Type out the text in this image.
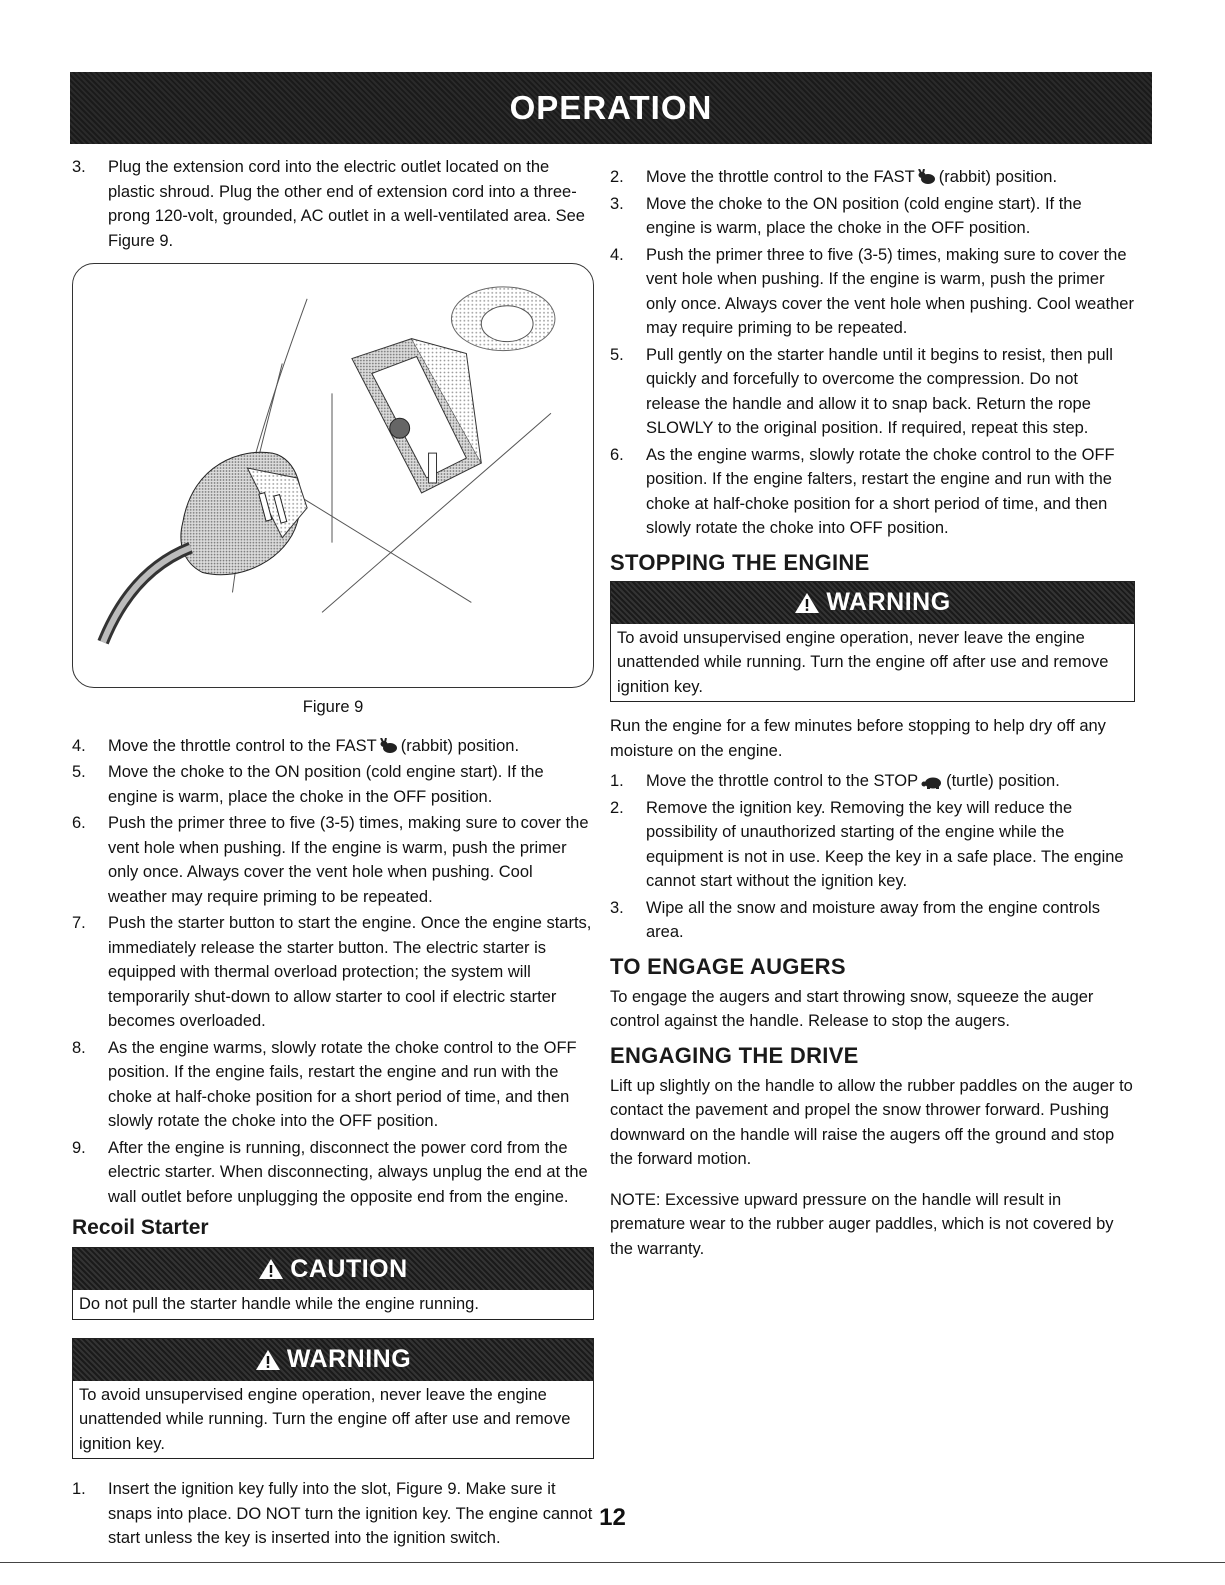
OPERATION
3.	Plug the extension cord into the electric outlet located on the plastic shroud. Plug the other end of extension cord into a three-prong 120-volt, grounded, AC outlet in a well-ventilated area. See Figure 9.
Figure 9
4.	Move the throttle control to the FAST (rabbit) position.
5.	Move the choke to the ON position (cold engine start). If the engine is warm, place the choke in the OFF position.
6.	Push the primer three to five (3-5) times, making sure to cover the vent hole when pushing. If the engine is warm, push the primer only once. Always cover the vent hole when pushing. Cool weather may require priming to be repeated.
7.	Push the starter button to start the engine. Once the engine starts, immediately release the starter button. The electric starter is equipped with thermal overload protection; the system will temporarily shut-down to allow starter to cool if electric starter becomes overloaded.
8.	As the engine warms, slowly rotate the choke control to the OFF position. If the engine fails, restart the engine and run with the choke at half-choke position for a short period of time, and then slowly rotate the choke into the OFF position.
9.	After the engine is running, disconnect the power cord from the electric starter. When disconnecting, always unplug the end at the wall outlet before unplugging the opposite end from the engine.
Recoil Starter
CAUTION
Do not pull the starter handle while the engine running.
WARNING
To avoid unsupervised engine operation, never leave the engine unattended while running. Turn the engine off after use and remove ignition key.
1.	Insert the ignition key fully into the slot, Figure 9. Make sure it snaps into place. DO NOT turn the ignition key. The engine cannot start unless the key is inserted into the ignition switch.
2.	Move the throttle control to the FAST (rabbit) position.
3.	Move the choke to the ON position (cold engine start). If the engine is warm, place the choke in the OFF position.
4.	Push the primer three to five (3-5) times, making sure to cover the vent hole when pushing. If the engine is warm, push the primer only once. Always cover the vent hole when pushing. Cool weather may require priming to be repeated.
5.	Pull gently on the starter handle until it begins to resist, then pull quickly and forcefully to overcome the compression. Do not release the handle and allow it to snap back. Return the rope SLOWLY to the original position. If required, repeat this step.
6.	As the engine warms, slowly rotate the choke control to the OFF position. If the engine falters, restart the engine and run with the choke at half-choke position for a short period of time, and then slowly rotate the choke into OFF position.
STOPPING THE ENGINE
WARNING
To avoid unsupervised engine operation, never leave the engine unattended while running. Turn the engine off after use and remove ignition key.
Run the engine for a few minutes before stopping to help dry off any moisture on the engine.
1.	Move the throttle control to the STOP (turtle) position.
2.	Remove the ignition key. Removing the key will reduce the possibility of unauthorized starting of the engine while the equipment is not in use. Keep the key in a safe place. The engine cannot start without the ignition key.
3.	Wipe all the snow and moisture away from the engine controls area.
TO ENGAGE AUGERS
To engage the augers and start throwing snow, squeeze the auger control against the handle. Release to stop the augers.
ENGAGING THE DRIVE
Lift up slightly on the handle to allow the rubber paddles on the auger to contact the pavement and propel the snow thrower forward. Pushing downward on the handle will raise the augers off the ground and stop the forward motion.
NOTE: Excessive upward pressure on the handle will result in premature wear to the rubber auger paddles, which is not covered by the warranty.
12
